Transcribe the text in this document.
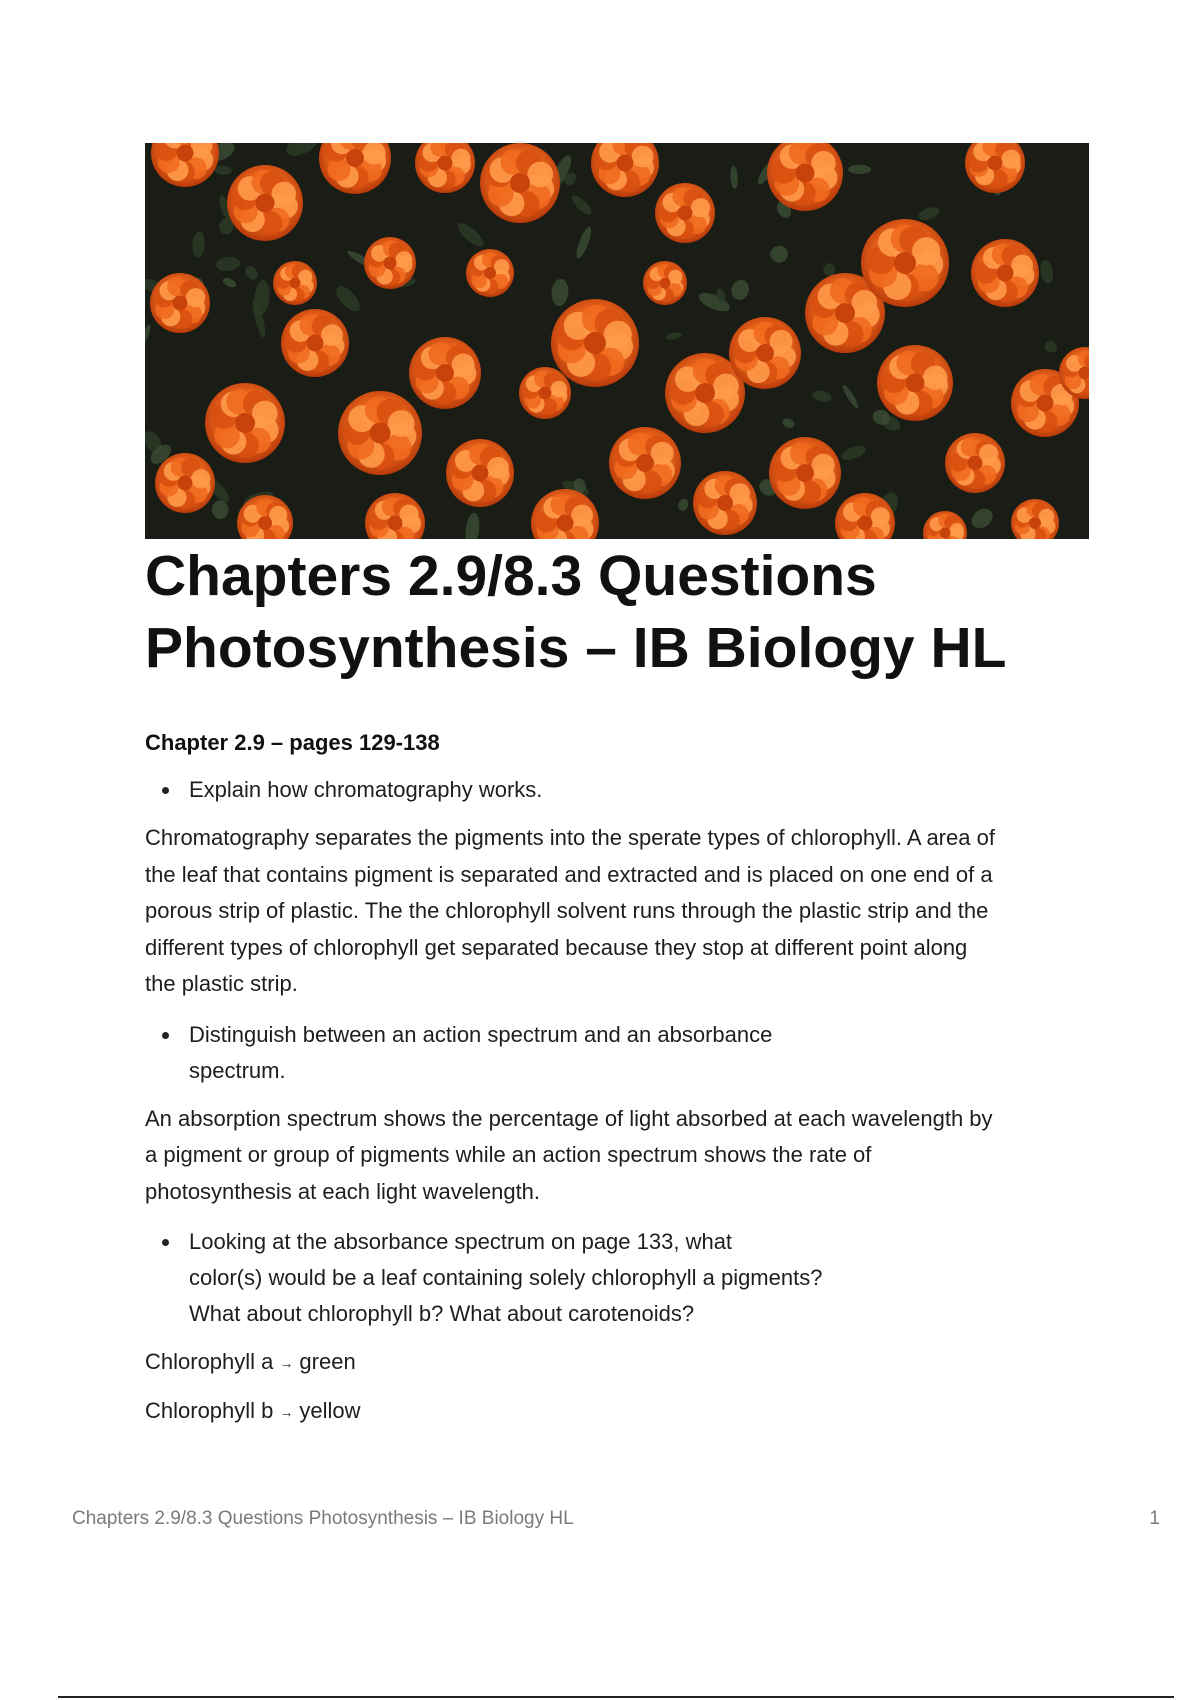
Chapters 2.9/8.3 Questions
Photosynthesis – IB Biology HL

Chapter 2.9 – pages 129-138

Explain how chromatography works.
Chromatography separates the pigments into the sperate types of chlorophyll. A area of
the leaf that contains pigment is separated and extracted and is placed on one end of a
porous strip of plastic. The the chlorophyll solvent runs through the plastic strip and the
different types of chlorophyll get separated because they stop at different point along
the plastic strip.
Distinguish between an action spectrum and an absorbance
spectrum.
An absorption spectrum shows the percentage of light absorbed at each wavelength by
a pigment or group of pigments while an action spectrum shows the rate of
photosynthesis at each light wavelength.
Looking at the absorbance spectrum on page 133, what
color(s) would be a leaf containing solely chlorophyll a pigments?
What about chlorophyll b? What about carotenoids?

Chlorophyll a → green

Chlorophyll b → yellow

Chapters 2.9/8.3 Questions Photosynthesis – IB Biology HL	1
